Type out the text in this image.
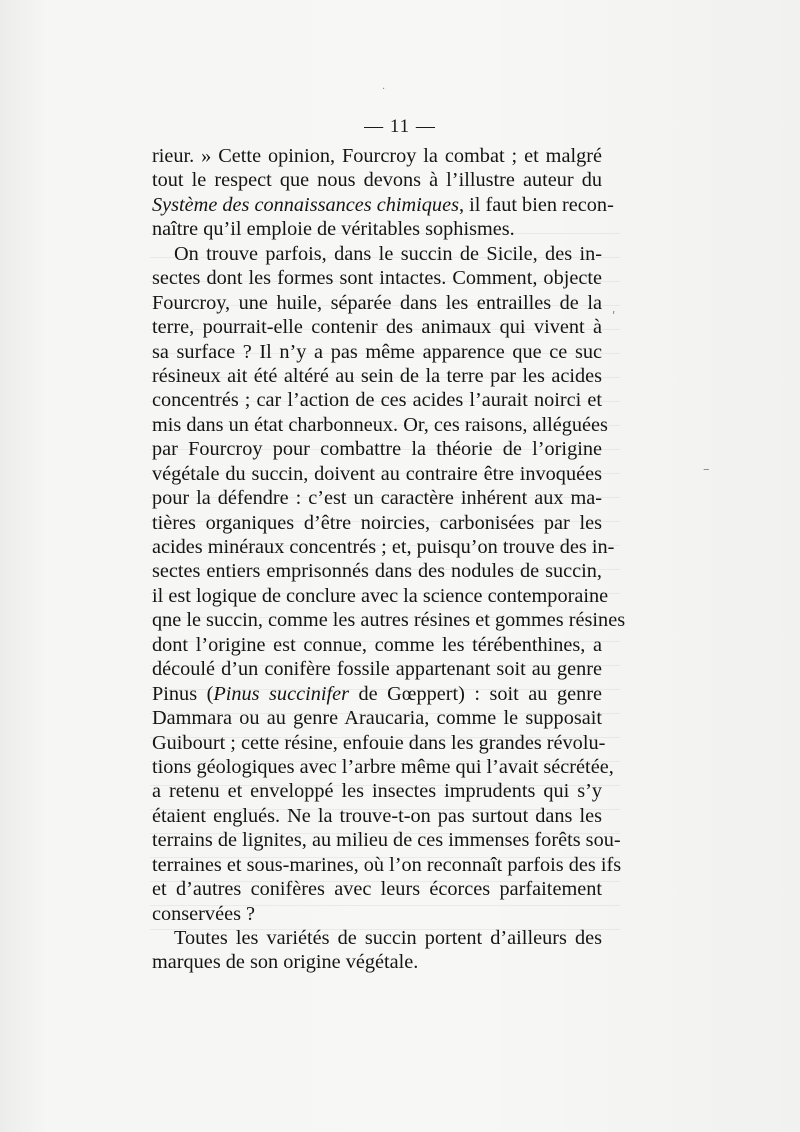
— 11 —
rieur. » Cette opinion, Fourcroy la combat ; et malgré
tout le respect que nous devons à l’illustre auteur du
Système des connaissances chimiques, il faut bien recon-
naître qu’il emploie de véritables sophismes.
On trouve parfois, dans le succin de Sicile, des in-
sectes dont les formes sont intactes. Comment, objecte
Fourcroy, une huile, séparée dans les entrailles de la
terre, pourrait-elle contenir des animaux qui vivent à
sa surface ? Il n’y a pas même apparence que ce suc
résineux ait été altéré au sein de la terre par les acides
concentrés ; car l’action de ces acides l’aurait noirci et
mis dans un état charbonneux. Or, ces raisons, alléguées
par Fourcroy pour combattre la théorie de l’origine
végétale du succin, doivent au contraire être invoquées
pour la défendre : c’est un caractère inhérent aux ma-
tières organiques d’être noircies, carbonisées par les
acides minéraux concentrés ; et, puisqu’on trouve des in-
sectes entiers emprisonnés dans des nodules de succin,
il est logique de conclure avec la science contemporaine
qne le succin, comme les autres résines et gommes résines
dont l’origine est connue, comme les térébenthines, a
découlé d’un conifère fossile appartenant soit au genre
Pinus (Pinus succinifer de Gœppert) : soit au genre
Dammara ou au genre Araucaria, comme le supposait
Guibourt ; cette résine, enfouie dans les grandes révolu-
tions géologiques avec l’arbre même qui l’avait sécrétée,
a retenu et enveloppé les insectes imprudents qui s’y
étaient englués. Ne la trouve-t-on pas surtout dans les
terrains de lignites, au milieu de ces immenses forêts sou-
terraines et sous-marines, où l’on reconnaît parfois des ifs
et d’autres conifères avec leurs écorces parfaitement
conservées ?
Toutes les variétés de succin portent d’ailleurs des
marques de son origine végétale.
–
ʹ
·
